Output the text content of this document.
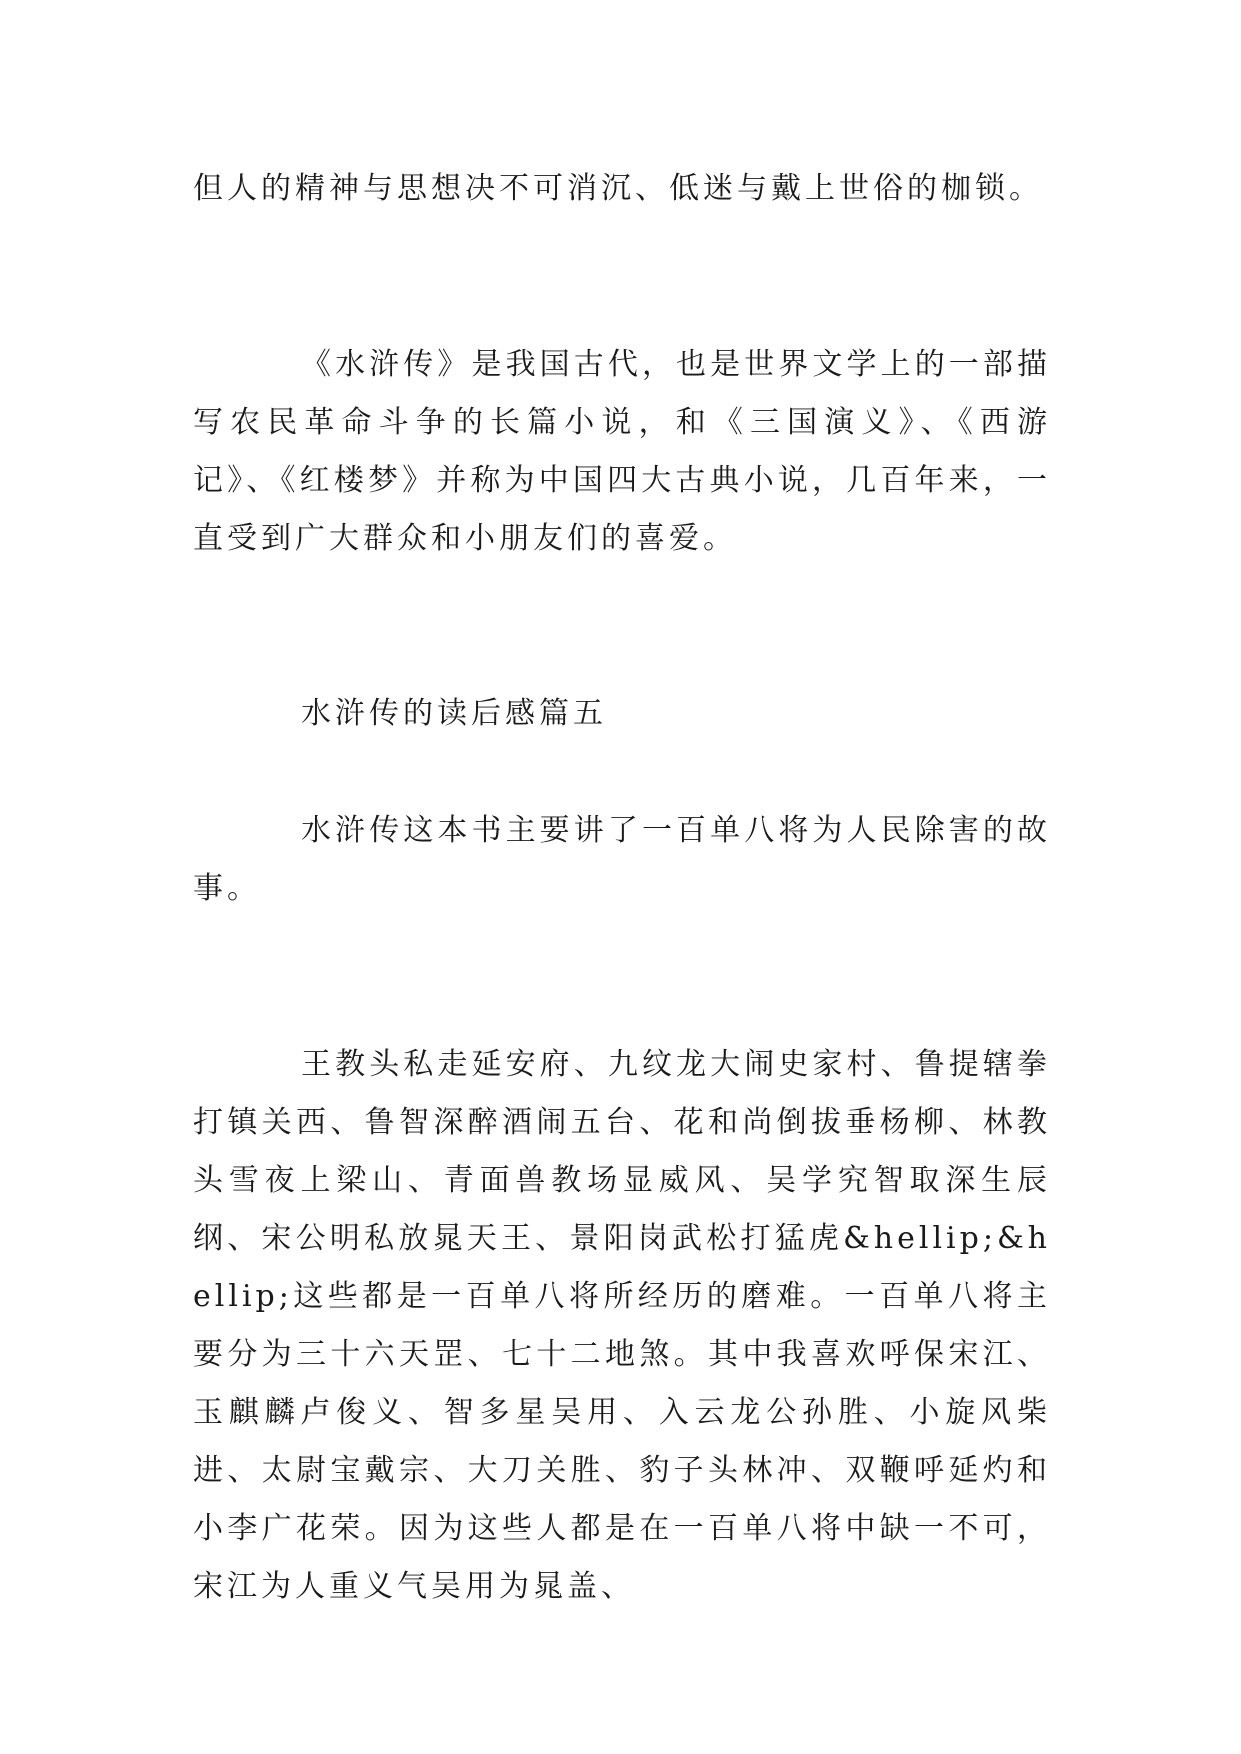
但人的精神与思想决不可消沉、低迷与戴上世俗的枷锁。

《水浒传》是我国古代，也是世界文学上的一部描写农民革命斗争的长篇小说，和《三国演义》、《西游记》、《红楼梦》并称为中国四大古典小说，几百年来，一直受到广大群众和小朋友们的喜爱。

水浒传的读后感篇五

水浒传这本书主要讲了一百单八将为人民除害的故事。

王教头私走延安府、九纹龙大闹史家村、鲁提辖拳打镇关西、鲁智深醉酒闹五台、花和尚倒拔垂杨柳、林教头雪夜上梁山、青面兽教场显威风、吴学究智取深生辰纲、宋公明私放晁天王、景阳岗武松打猛虎&hellip;&hellip;这些都是一百单八将所经历的磨难。一百单八将主要分为三十六天罡、七十二地煞。其中我喜欢呼保宋江、玉麒麟卢俊义、智多星吴用、入云龙公孙胜、小旋风柴进、太尉宝戴宗、大刀关胜、豹子头林冲、双鞭呼延灼和小李广花荣。因为这些人都是在一百单八将中缺一不可，宋江为人重义气吴用为晁盖、
